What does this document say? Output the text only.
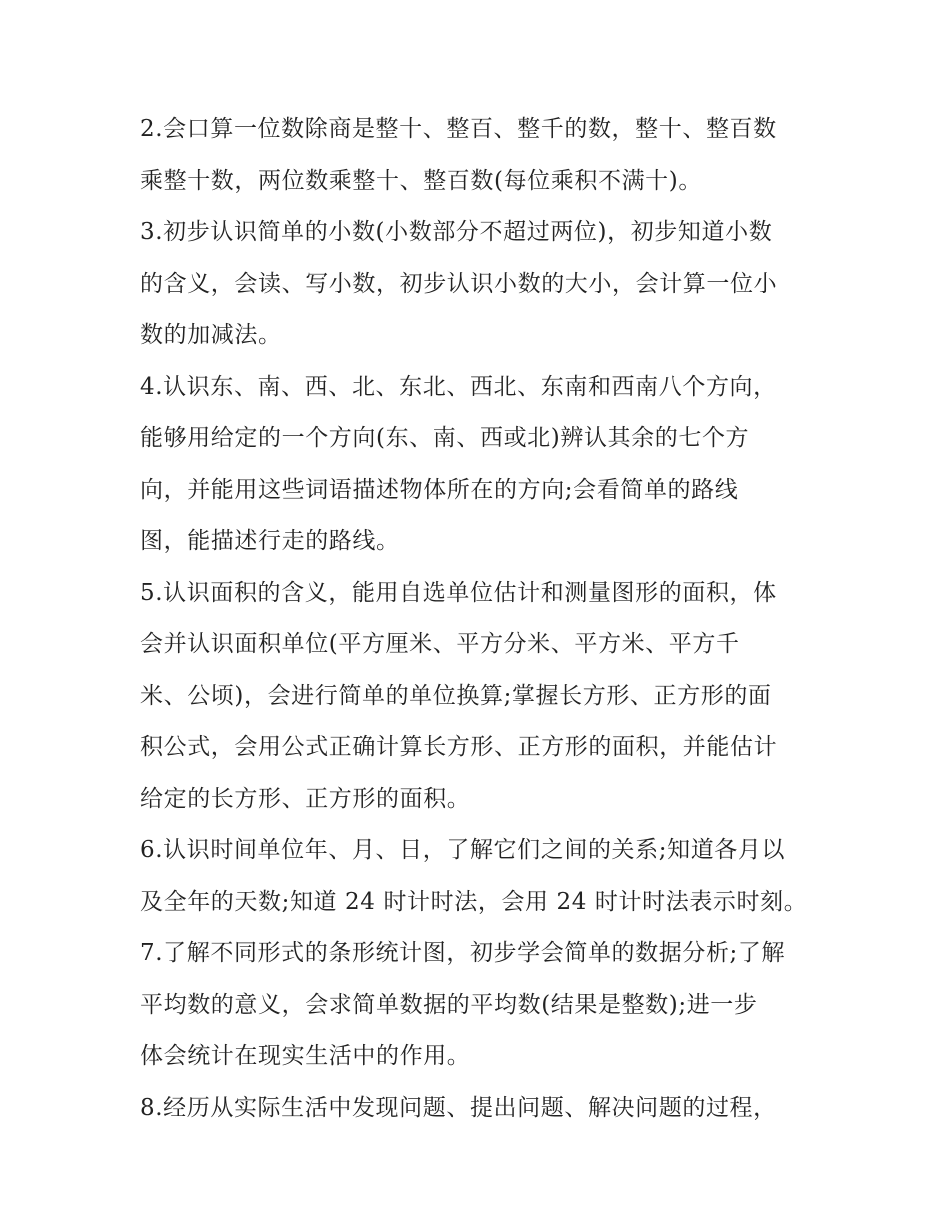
2.会口算一位数除商是整十、整百、整千的数，整十、整百数
乘整十数，两位数乘整十、整百数(每位乘积不满十)。
3.初步认识简单的小数(小数部分不超过两位)，初步知道小数
的含义，会读、写小数，初步认识小数的大小，会计算一位小
数的加减法。
4.认识东、南、西、北、东北、西北、东南和西南八个方向，
能够用给定的一个方向(东、南、西或北)辨认其余的七个方
向，并能用这些词语描述物体所在的方向;会看简单的路线
图，能描述行走的路线。
5.认识面积的含义，能用自选单位估计和测量图形的面积，体
会并认识面积单位(平方厘米、平方分米、平方米、平方千
米、公顷)，会进行简单的单位换算;掌握长方形、正方形的面
积公式，会用公式正确计算长方形、正方形的面积，并能估计
给定的长方形、正方形的面积。
6.认识时间单位年、月、日，了解它们之间的关系;知道各月以
及全年的天数;知道 24 时计时法，会用 24 时计时法表示时刻。
7.了解不同形式的条形统计图，初步学会简单的数据分析;了解
平均数的意义，会求简单数据的平均数(结果是整数);进一步
体会统计在现实生活中的作用。
8.经历从实际生活中发现问题、提出问题、解决问题的过程，
